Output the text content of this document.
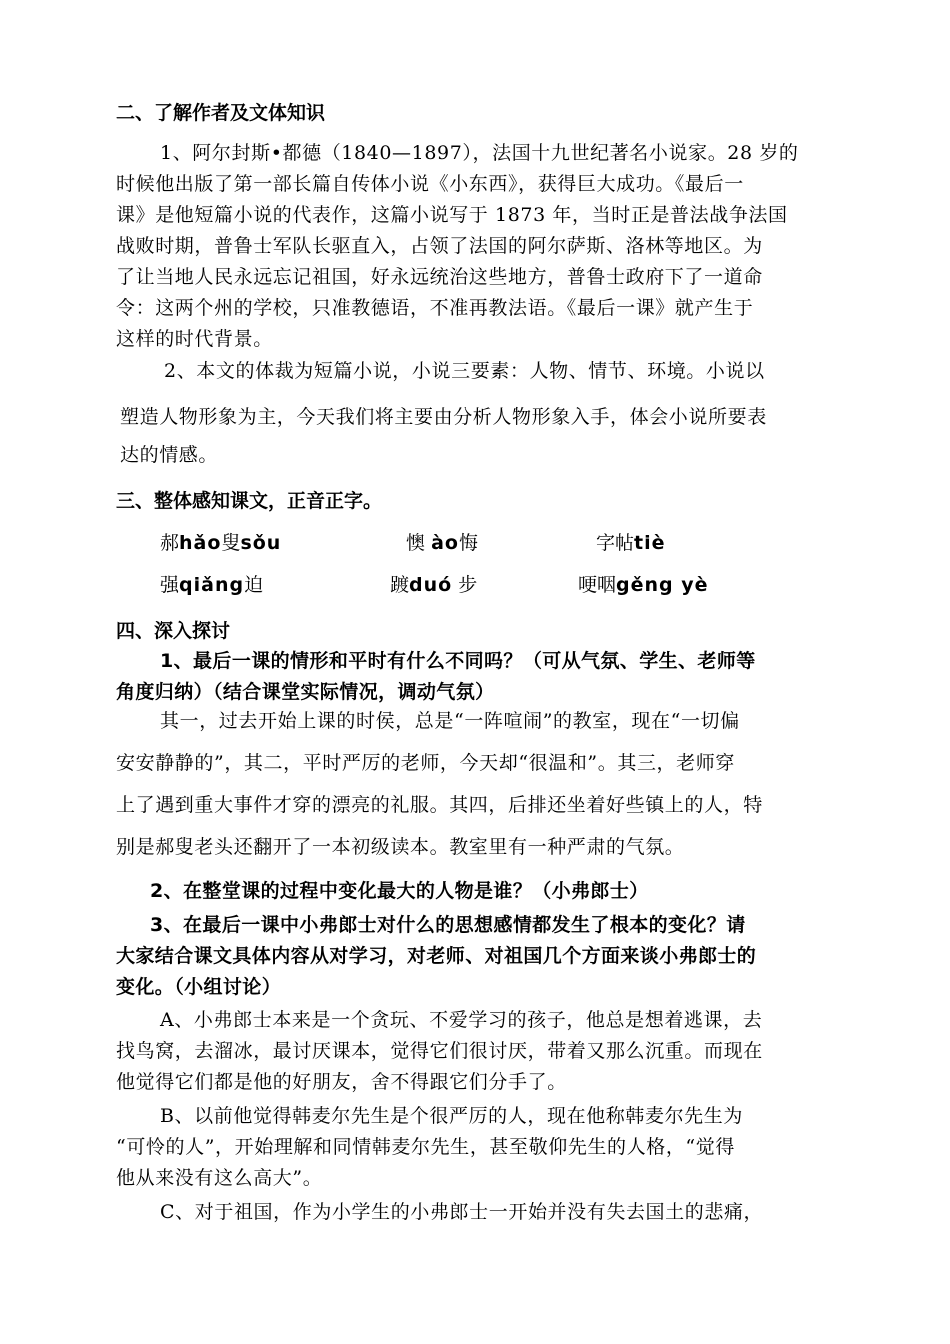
二、了解作者及文体知识
1、阿尔封斯•都德（1840—1897），法国十九世纪著名小说家。28 岁的
时候他出版了第一部长篇自传体小说《小东西》，获得巨大成功。《最后一
课》是他短篇小说的代表作，这篇小说写于 1873 年，当时正是普法战争法国
战败时期，普鲁士军队长驱直入，占领了法国的阿尔萨斯、洛林等地区。为
了让当地人民永远忘记祖国，好永远统治这些地方，普鲁士政府下了一道命
令：这两个州的学校，只准教德语，不准再教法语。《最后一课》就产生于
这样的时代背景。
2、本文的体裁为短篇小说，小说三要素：人物、情节、环境。小说以
塑造人物形象为主，今天我们将主要由分析人物形象入手，体会小说所要表
达的情感。
三、整体感知课文，正音正字。
郝hǎo叟sǒu	懊 ào悔	字帖tiè
强qiǎng迫	踱duó 步	哽咽gěng yè
四、深入探讨
1、最后一课的情形和平时有什么不同吗？（可从气氛、学生、老师等
角度归纳）（结合课堂实际情况，调动气氛）
其一，过去开始上课的时侯，总是“一阵喧闹”的教室，现在“一切偏
安安静静的”，其二，平时严厉的老师，今天却“很温和”。其三，老师穿
上了遇到重大事件才穿的漂亮的礼服。其四，后排还坐着好些镇上的人，特
别是郝叟老头还翻开了一本初级读本。教室里有一种严肃的气氛。
2、在整堂课的过程中变化最大的人物是谁？（小弗郎士）
3、在最后一课中小弗郎士对什么的思想感情都发生了根本的变化？请
大家结合课文具体内容从对学习，对老师、对祖国几个方面来谈小弗郎士的
变化。（小组讨论）
A、小弗郎士本来是一个贪玩、不爱学习的孩子，他总是想着逃课，去
找鸟窝，去溜冰，最讨厌课本，觉得它们很讨厌，带着又那么沉重。而现在
他觉得它们都是他的好朋友，舍不得跟它们分手了。
B、以前他觉得韩麦尔先生是个很严厉的人，现在他称韩麦尔先生为
“可怜的人”，开始理解和同情韩麦尔先生，甚至敬仰先生的人格，“觉得
他从来没有这么高大”。
C、对于祖国，作为小学生的小弗郎士一开始并没有失去国土的悲痛，
